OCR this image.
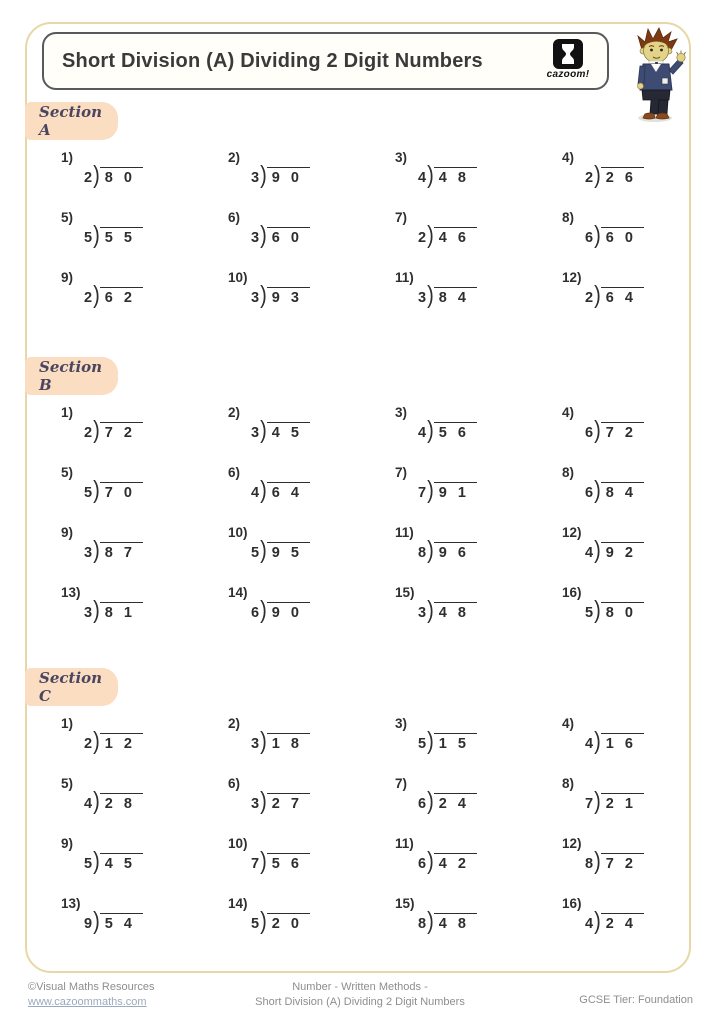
Short Division (A) Dividing 2 Digit Numbers
cazoom!
Section A
1)
2) 80
2)
3) 90
3)
4) 48
4)
2) 26
5)
5) 55
6)
3) 60
7)
2) 46
8)
6) 60
9)
2) 62
10)
3) 93
11)
3) 84
12)
2) 64
Section B
1)
2) 72
2)
3) 45
3)
4) 56
4)
6) 72
5)
5) 70
6)
4) 64
7)
7) 91
8)
6) 84
9)
3) 87
10)
5) 95
11)
8) 96
12)
4) 92
13)
3) 81
14)
6) 90
15)
3) 48
16)
5) 80
Section C
1)
2) 12
2)
3) 18
3)
5) 15
4)
4) 16
5)
4) 28
6)
3) 27
7)
6) 24
8)
7) 21
9)
5) 45
10)
7) 56
11)
6) 42
12)
8) 72
13)
9) 54
14)
5) 20
15)
8) 48
16)
4) 24
©Visual Maths Resources
www.cazoommaths.com
Number - Written Methods -
Short Division (A) Dividing 2 Digit Numbers	GCSE Tier: Foundation
